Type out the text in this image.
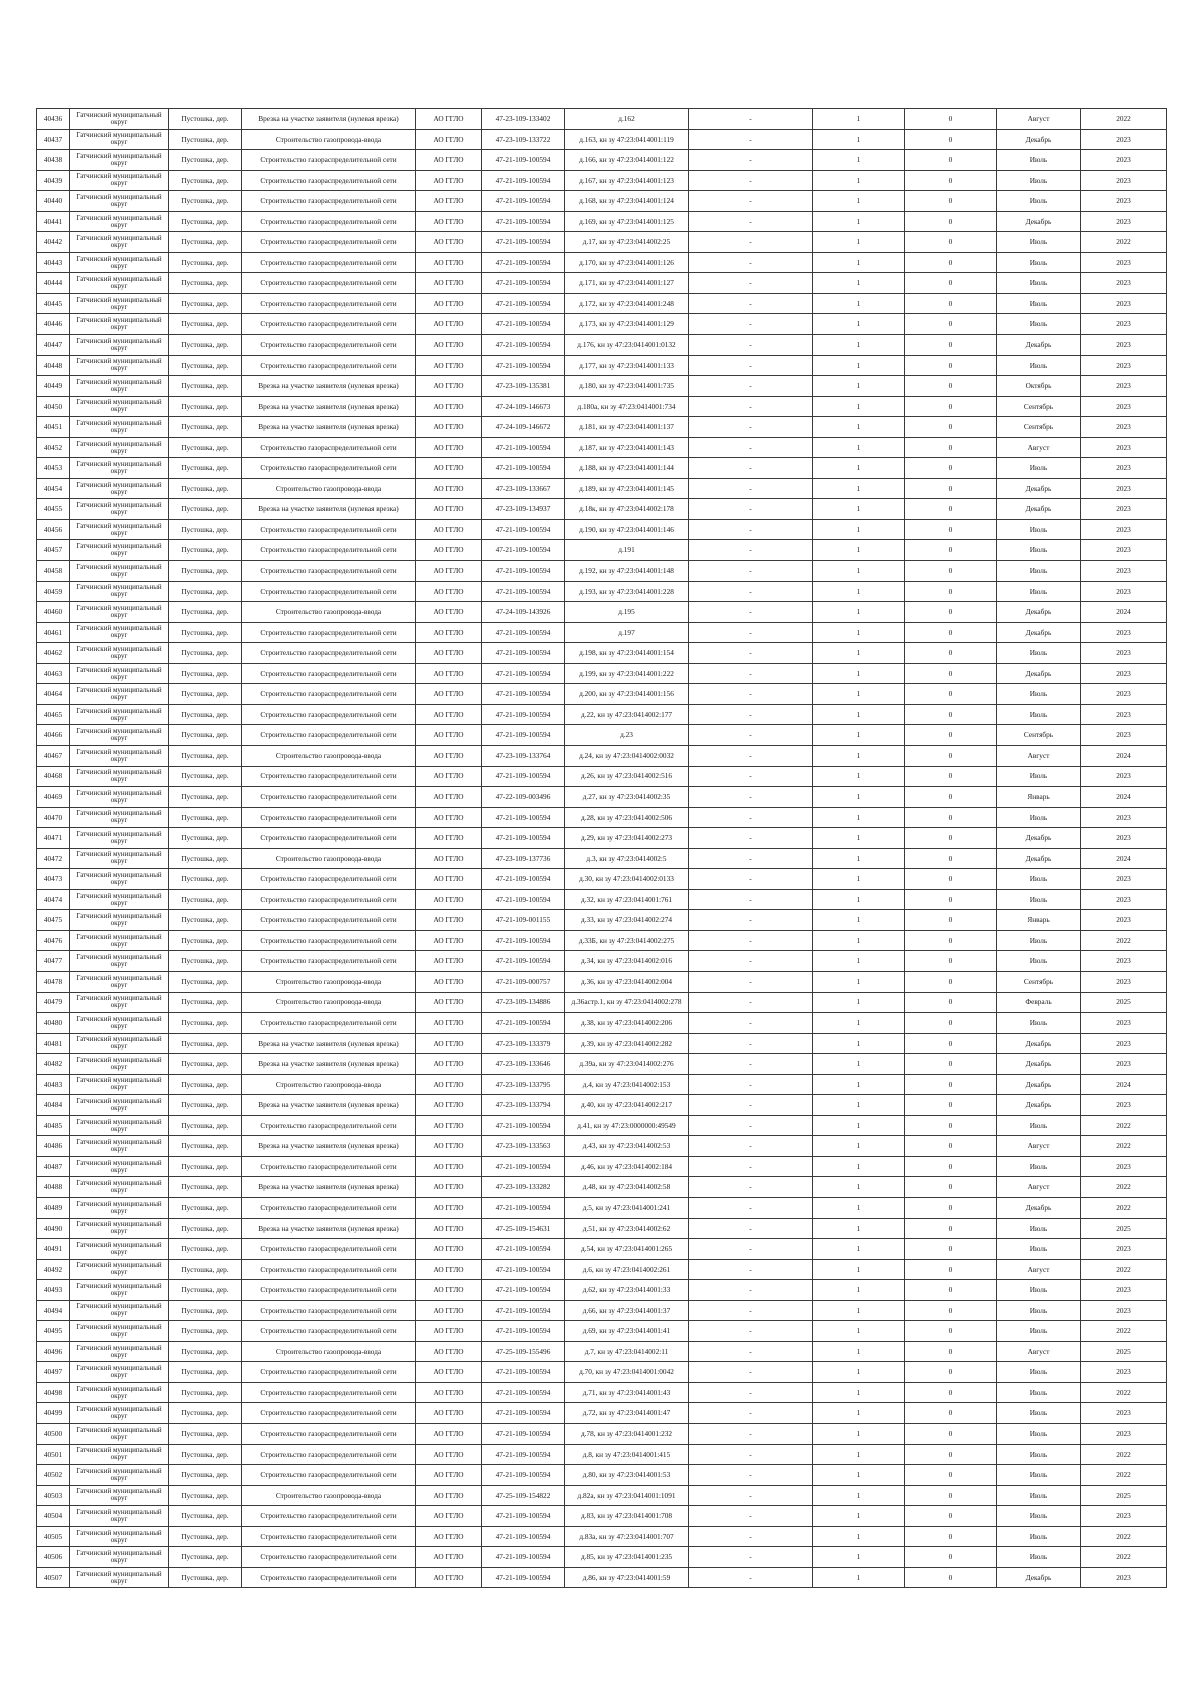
40436	Гатчинский муниципальный округ	Пустошка, дер.	Врезка на участке заявителя (нулевая врезка)	АО ГГЛО	47-23-109-133402	д.162	-	1	0	Август	2022
40437	Гатчинский муниципальный округ	Пустошка, дер.	Строительство газопровода-ввода	АО ГГЛО	47-23-109-133722	д.163, кн зу 47:23:0414001:119	-	1	0	Декабрь	2023
40438	Гатчинский муниципальный округ	Пустошка, дер.	Строительство газораспределительной сети	АО ГГЛО	47-21-109-100594	д.166, кн зу 47:23:0414001:122	-	1	0	Июль	2023
40439	Гатчинский муниципальный округ	Пустошка, дер.	Строительство газораспределительной сети	АО ГГЛО	47-21-109-100594	д.167, кн зу 47:23:0414001:123	-	1	0	Июль	2023
40440	Гатчинский муниципальный округ	Пустошка, дер.	Строительство газораспределительной сети	АО ГГЛО	47-21-109-100594	д.168, кн зу 47:23:0414001:124	-	1	0	Июль	2023
40441	Гатчинский муниципальный округ	Пустошка, дер.	Строительство газораспределительной сети	АО ГГЛО	47-21-109-100594	д.169, кн зу 47:23:0414001:125	-	1	0	Декабрь	2023
40442	Гатчинский муниципальный округ	Пустошка, дер.	Строительство газораспределительной сети	АО ГГЛО	47-21-109-100594	д.17, кн зу 47:23:0414002:25	-	1	0	Июль	2022
40443	Гатчинский муниципальный округ	Пустошка, дер.	Строительство газораспределительной сети	АО ГГЛО	47-21-109-100594	д.170, кн зу 47:23:0414001:126	-	1	0	Июль	2023
40444	Гатчинский муниципальный округ	Пустошка, дер.	Строительство газораспределительной сети	АО ГГЛО	47-21-109-100594	д.171, кн зу 47:23:0414001:127	-	1	0	Июль	2023
40445	Гатчинский муниципальный округ	Пустошка, дер.	Строительство газораспределительной сети	АО ГГЛО	47-21-109-100594	д.172, кн зу 47:23:0414001:248	-	1	0	Июль	2023
40446	Гатчинский муниципальный округ	Пустошка, дер.	Строительство газораспределительной сети	АО ГГЛО	47-21-109-100594	д.173, кн зу 47:23:0414001:129	-	1	0	Июль	2023
40447	Гатчинский муниципальный округ	Пустошка, дер.	Строительство газораспределительной сети	АО ГГЛО	47-21-109-100594	д.176, кн зу 47:23:0414001:0132	-	1	0	Декабрь	2023
40448	Гатчинский муниципальный округ	Пустошка, дер.	Строительство газораспределительной сети	АО ГГЛО	47-21-109-100594	д.177, кн зу 47:23:0414001:133	-	1	0	Июль	2023
40449	Гатчинский муниципальный округ	Пустошка, дер.	Врезка на участке заявителя (нулевая врезка)	АО ГГЛО	47-23-109-135381	д.180, кн зу 47:23:0414001:735	-	1	0	Октябрь	2023
40450	Гатчинский муниципальный округ	Пустошка, дер.	Врезка на участке заявителя (нулевая врезка)	АО ГГЛО	47-24-109-146673	д.180а, кн зу 47:23:0414001:734	-	1	0	Сентябрь	2023
40451	Гатчинский муниципальный округ	Пустошка, дер.	Врезка на участке заявителя (нулевая врезка)	АО ГГЛО	47-24-109-146672	д.181, кн зу 47:23:0414001:137	-	1	0	Сентябрь	2023
40452	Гатчинский муниципальный округ	Пустошка, дер.	Строительство газораспределительной сети	АО ГГЛО	47-21-109-100594	д.187, кн зу 47:23:0414001:143	-	1	0	Август	2023
40453	Гатчинский муниципальный округ	Пустошка, дер.	Строительство газораспределительной сети	АО ГГЛО	47-21-109-100594	д.188, кн зу 47:23:0414001:144	-	1	0	Июль	2023
40454	Гатчинский муниципальный округ	Пустошка, дер.	Строительство газопровода-ввода	АО ГГЛО	47-23-109-133667	д.189, кн зу 47:23:0414001:145	-	1	0	Декабрь	2023
40455	Гатчинский муниципальный округ	Пустошка, дер.	Врезка на участке заявителя (нулевая врезка)	АО ГГЛО	47-23-109-134937	д.18к, кн зу 47:23:0414002:178	-	1	0	Декабрь	2023
40456	Гатчинский муниципальный округ	Пустошка, дер.	Строительство газораспределительной сети	АО ГГЛО	47-21-109-100594	д.190, кн зу 47:23:0414001:146	-	1	0	Июль	2023
40457	Гатчинский муниципальный округ	Пустошка, дер.	Строительство газораспределительной сети	АО ГГЛО	47-21-109-100594	д.191	-	1	0	Июль	2023
40458	Гатчинский муниципальный округ	Пустошка, дер.	Строительство газораспределительной сети	АО ГГЛО	47-21-109-100594	д.192, кн зу 47:23:0414001:148	-	1	0	Июль	2023
40459	Гатчинский муниципальный округ	Пустошка, дер.	Строительство газораспределительной сети	АО ГГЛО	47-21-109-100594	д.193, кн зу 47:23:0414001:228	-	1	0	Июль	2023
40460	Гатчинский муниципальный округ	Пустошка, дер.	Строительство газопровода-ввода	АО ГГЛО	47-24-109-143926	д.195	-	1	0	Декабрь	2024
40461	Гатчинский муниципальный округ	Пустошка, дер.	Строительство газораспределительной сети	АО ГГЛО	47-21-109-100594	д.197	-	1	0	Декабрь	2023
40462	Гатчинский муниципальный округ	Пустошка, дер.	Строительство газораспределительной сети	АО ГГЛО	47-21-109-100594	д.198, кн зу 47:23:0414001:154	-	1	0	Июль	2023
40463	Гатчинский муниципальный округ	Пустошка, дер.	Строительство газораспределительной сети	АО ГГЛО	47-21-109-100594	д.199, кн зу 47:23:0414001:222	-	1	0	Декабрь	2023
40464	Гатчинский муниципальный округ	Пустошка, дер.	Строительство газораспределительной сети	АО ГГЛО	47-21-109-100594	д.200, кн зу 47:23:0414001:156	-	1	0	Июль	2023
40465	Гатчинский муниципальный округ	Пустошка, дер.	Строительство газораспределительной сети	АО ГГЛО	47-21-109-100594	д.22, кн зу 47:23:0414002:177	-	1	0	Июль	2023
40466	Гатчинский муниципальный округ	Пустошка, дер.	Строительство газораспределительной сети	АО ГГЛО	47-21-109-100594	д.23	-	1	0	Сентябрь	2023
40467	Гатчинский муниципальный округ	Пустошка, дер.	Строительство газопровода-ввода	АО ГГЛО	47-23-109-133764	д.24, кн зу 47:23:0414002:0032	-	1	0	Август	2024
40468	Гатчинский муниципальный округ	Пустошка, дер.	Строительство газораспределительной сети	АО ГГЛО	47-21-109-100594	д.26, кн зу 47:23:0414002:516	-	1	0	Июль	2023
40469	Гатчинский муниципальный округ	Пустошка, дер.	Строительство газораспределительной сети	АО ГГЛО	47-22-109-003496	д.27, кн зу 47:23:0414002:35	-	1	0	Январь	2024
40470	Гатчинский муниципальный округ	Пустошка, дер.	Строительство газораспределительной сети	АО ГГЛО	47-21-109-100594	д.28, кн зу 47:23:0414002:506	-	1	0	Июль	2023
40471	Гатчинский муниципальный округ	Пустошка, дер.	Строительство газораспределительной сети	АО ГГЛО	47-21-109-100594	д.29, кн зу 47:23:0414002:273	-	1	0	Декабрь	2023
40472	Гатчинский муниципальный округ	Пустошка, дер.	Строительство газопровода-ввода	АО ГГЛО	47-23-109-137736	д.3, кн зу 47:23:0414002:5	-	1	0	Декабрь	2024
40473	Гатчинский муниципальный округ	Пустошка, дер.	Строительство газораспределительной сети	АО ГГЛО	47-21-109-100594	д.30, кн зу 47:23:0414002:0133	-	1	0	Июль	2023
40474	Гатчинский муниципальный округ	Пустошка, дер.	Строительство газораспределительной сети	АО ГГЛО	47-21-109-100594	д.32, кн зу 47:23:0414001:761	-	1	0	Июль	2023
40475	Гатчинский муниципальный округ	Пустошка, дер.	Строительство газораспределительной сети	АО ГГЛО	47-21-109-001155	д.33, кн зу 47:23:0414002:274	-	1	0	Январь	2023
40476	Гатчинский муниципальный округ	Пустошка, дер.	Строительство газораспределительной сети	АО ГГЛО	47-21-109-100594	д.33Б, кн зу 47:23:0414002:275	-	1	0	Июль	2022
40477	Гатчинский муниципальный округ	Пустошка, дер.	Строительство газораспределительной сети	АО ГГЛО	47-21-109-100594	д.34, кн зу 47:23:0414002:016	-	1	0	Июль	2023
40478	Гатчинский муниципальный округ	Пустошка, дер.	Строительство газопровода-ввода	АО ГГЛО	47-21-109-000757	д.36, кн зу 47:23:0414002:004	-	1	0	Сентябрь	2023
40479	Гатчинский муниципальный округ	Пустошка, дер.	Строительство газопровода-ввода	АО ГГЛО	47-23-109-134886	д.36астр.1, кн зу 47:23:0414002:278	-	1	0	Февраль	2025
40480	Гатчинский муниципальный округ	Пустошка, дер.	Строительство газораспределительной сети	АО ГГЛО	47-21-109-100594	д.38, кн зу 47:23:0414002:206	-	1	0	Июль	2023
40481	Гатчинский муниципальный округ	Пустошка, дер.	Врезка на участке заявителя (нулевая врезка)	АО ГГЛО	47-23-109-133379	д.39, кн зу 47:23:0414002:282	-	1	0	Декабрь	2023
40482	Гатчинский муниципальный округ	Пустошка, дер.	Врезка на участке заявителя (нулевая врезка)	АО ГГЛО	47-23-109-133646	д.39а, кн зу 47:23:0414002:276	-	1	0	Декабрь	2023
40483	Гатчинский муниципальный округ	Пустошка, дер.	Строительство газопровода-ввода	АО ГГЛО	47-23-109-133795	д.4, кн зу 47:23:0414002:153	-	1	0	Декабрь	2024
40484	Гатчинский муниципальный округ	Пустошка, дер.	Врезка на участке заявителя (нулевая врезка)	АО ГГЛО	47-23-109-133794	д.40, кн зу 47:23:0414002:217	-	1	0	Декабрь	2023
40485	Гатчинский муниципальный округ	Пустошка, дер.	Строительство газораспределительной сети	АО ГГЛО	47-21-109-100594	д.41, кн зу 47:23:0000000:49549	-	1	0	Июль	2022
40486	Гатчинский муниципальный округ	Пустошка, дер.	Врезка на участке заявителя (нулевая врезка)	АО ГГЛО	47-23-109-133563	д.43, кн зу 47:23:0414002:53	-	1	0	Август	2022
40487	Гатчинский муниципальный округ	Пустошка, дер.	Строительство газораспределительной сети	АО ГГЛО	47-21-109-100594	д.46, кн зу 47:23:0414002:184	-	1	0	Июль	2023
40488	Гатчинский муниципальный округ	Пустошка, дер.	Врезка на участке заявителя (нулевая врезка)	АО ГГЛО	47-23-109-133282	д.48, кн зу 47:23:0414002:58	-	1	0	Август	2022
40489	Гатчинский муниципальный округ	Пустошка, дер.	Строительство газораспределительной сети	АО ГГЛО	47-21-109-100594	д.5, кн зу 47:23:0414001:241	-	1	0	Декабрь	2022
40490	Гатчинский муниципальный округ	Пустошка, дер.	Врезка на участке заявителя (нулевая врезка)	АО ГГЛО	47-25-109-154631	д.51, кн зу 47:23:0414002:62	-	1	0	Июль	2025
40491	Гатчинский муниципальный округ	Пустошка, дер.	Строительство газораспределительной сети	АО ГГЛО	47-21-109-100594	д.54, кн зу 47:23:0414001:265	-	1	0	Июль	2023
40492	Гатчинский муниципальный округ	Пустошка, дер.	Строительство газораспределительной сети	АО ГГЛО	47-21-109-100594	д.6, кн зу 47:23:0414002:261	-	1	0	Август	2022
40493	Гатчинский муниципальный округ	Пустошка, дер.	Строительство газораспределительной сети	АО ГГЛО	47-21-109-100594	д.62, кн зу 47:23:0414001:33	-	1	0	Июль	2023
40494	Гатчинский муниципальный округ	Пустошка, дер.	Строительство газораспределительной сети	АО ГГЛО	47-21-109-100594	д.66, кн зу 47:23:0414001:37	-	1	0	Июль	2023
40495	Гатчинский муниципальный округ	Пустошка, дер.	Строительство газораспределительной сети	АО ГГЛО	47-21-109-100594	д.69, кн зу 47:23:0414001:41	-	1	0	Июль	2022
40496	Гатчинский муниципальный округ	Пустошка, дер.	Строительство газопровода-ввода	АО ГГЛО	47-25-109-155496	д.7, кн зу 47:23:0414002:11	-	1	0	Август	2025
40497	Гатчинский муниципальный округ	Пустошка, дер.	Строительство газораспределительной сети	АО ГГЛО	47-21-109-100594	д.70, кн зу 47:23:0414001:0042	-	1	0	Июль	2023
40498	Гатчинский муниципальный округ	Пустошка, дер.	Строительство газораспределительной сети	АО ГГЛО	47-21-109-100594	д.71, кн зу 47:23:0414001:43	-	1	0	Июль	2022
40499	Гатчинский муниципальный округ	Пустошка, дер.	Строительство газораспределительной сети	АО ГГЛО	47-21-109-100594	д.72, кн зу 47:23:0414001:47	-	1	0	Июль	2023
40500	Гатчинский муниципальный округ	Пустошка, дер.	Строительство газораспределительной сети	АО ГГЛО	47-21-109-100594	д.78, кн зу 47:23:0414001:232	-	1	0	Июль	2023
40501	Гатчинский муниципальный округ	Пустошка, дер.	Строительство газораспределительной сети	АО ГГЛО	47-21-109-100594	д.8, кн зу 47:23:0414001:415	-	1	0	Июль	2022
40502	Гатчинский муниципальный округ	Пустошка, дер.	Строительство газораспределительной сети	АО ГГЛО	47-21-109-100594	д.80, кн зу 47:23:0414001:53	-	1	0	Июль	2022
40503	Гатчинский муниципальный округ	Пустошка, дер.	Строительство газопровода-ввода	АО ГГЛО	47-25-109-154822	д.82а, кн зу 47:23:0414001:1091	-	1	0	Июль	2025
40504	Гатчинский муниципальный округ	Пустошка, дер.	Строительство газораспределительной сети	АО ГГЛО	47-21-109-100594	д.83, кн зу 47:23:0414001:708	-	1	0	Июль	2023
40505	Гатчинский муниципальный округ	Пустошка, дер.	Строительство газораспределительной сети	АО ГГЛО	47-21-109-100594	д.83а, кн зу 47:23:0414001:707	-	1	0	Июль	2022
40506	Гатчинский муниципальный округ	Пустошка, дер.	Строительство газораспределительной сети	АО ГГЛО	47-21-109-100594	д.85, кн зу 47:23:0414001:235	-	1	0	Июль	2022
40507	Гатчинский муниципальный округ	Пустошка, дер.	Строительство газораспределительной сети	АО ГГЛО	47-21-109-100594	д.86, кн зу 47:23:0414001:59	-	1	0	Декабрь	2023
